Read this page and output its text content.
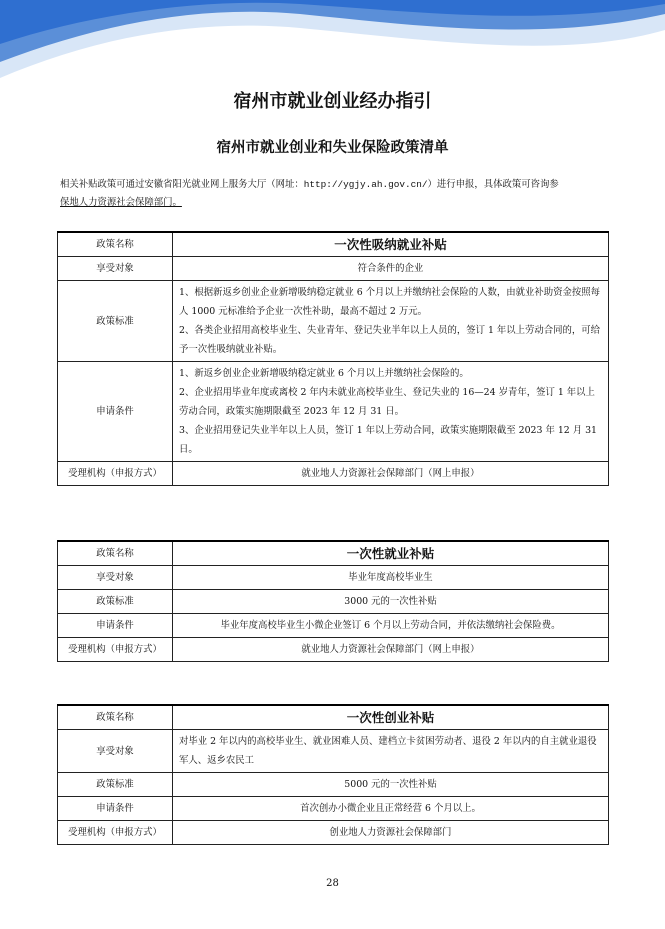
宿州市就业创业经办指引
宿州市就业创业和失业保险政策清单
相关补贴政策可通过安徽省阳光就业网上服务大厅（网址：http://ygjy.ah.gov.cn/）进行申报，具体政策可咨询参
保地人力资源社会保障部门。
政策名称	一次性吸纳就业补贴
享受对象	符合条件的企业
政策标准	1、根据新返乡创业企业新增吸纳稳定就业 6 个月以上并缴纳社会保险的人数，由就业补助资金按照每人 1000 元标准给予企业一次性补助，最高不超过 2 万元。

2、各类企业招用高校毕业生、失业青年、登记失业半年以上人员的，签订 1 年以上劳动合同的，可给予一次性吸纳就业补贴。

申请条件	1、新返乡创业企业新增吸纳稳定就业 6 个月以上并缴纳社会保险的。

2、企业招用毕业年度或离校 2 年内未就业高校毕业生、登记失业的 16—24 岁青年，签订 1 年以上劳动合同，政策实施期限截至 2023 年 12 月 31 日。

3、企业招用登记失业半年以上人员，签订 1 年以上劳动合同，政策实施期限截至 2023 年 12 月 31 日。

受理机构（申报方式）	就业地人力资源社会保障部门（网上申报）
政策名称	一次性就业补贴
享受对象	毕业年度高校毕业生
政策标准	3000 元的一次性补贴
申请条件	毕业年度高校毕业生小微企业签订 6 个月以上劳动合同，并依法缴纳社会保险费。
受理机构（申报方式）	就业地人力资源社会保障部门（网上申报）
政策名称	一次性创业补贴
享受对象	对毕业 2 年以内的高校毕业生、就业困难人员、建档立卡贫困劳动者、退役 2 年以内的自主就业退役军人、返乡农民工
政策标准	5000 元的一次性补贴
申请条件	首次创办小微企业且正常经营 6 个月以上。
受理机构（申报方式）	创业地人力资源社会保障部门
28
